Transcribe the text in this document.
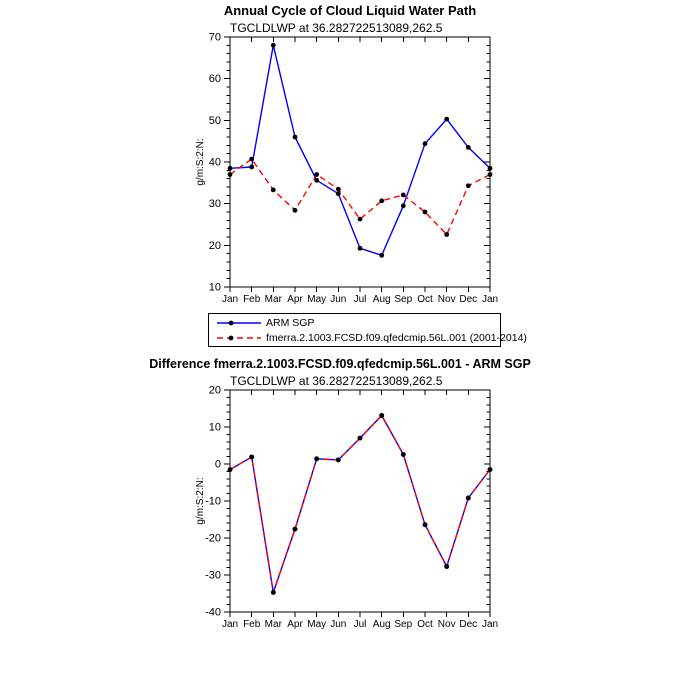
Annual Cycle of Cloud Liquid Water Path
TGCLDLWP at 36.282722513089,262.5
10
20
30
40
50
60
70
Jan Feb Mar Apr May Jun Jul Aug Sep Oct Nov Dec Jan
g/m:S:2:N:
ARM SGP
fmerra.2.1003.FCSD.f09.qfedcmip.56L.001 (2001-2014)
Difference fmerra.2.1003.FCSD.f09.qfedcmip.56L.001 - ARM SGP
TGCLDLWP at 36.282722513089,262.5
-40
-30
-20
-10
0
10
20
Jan Feb Mar Apr May Jun Jul Aug Sep Oct Nov Dec Jan
g/m:S:2:N:
